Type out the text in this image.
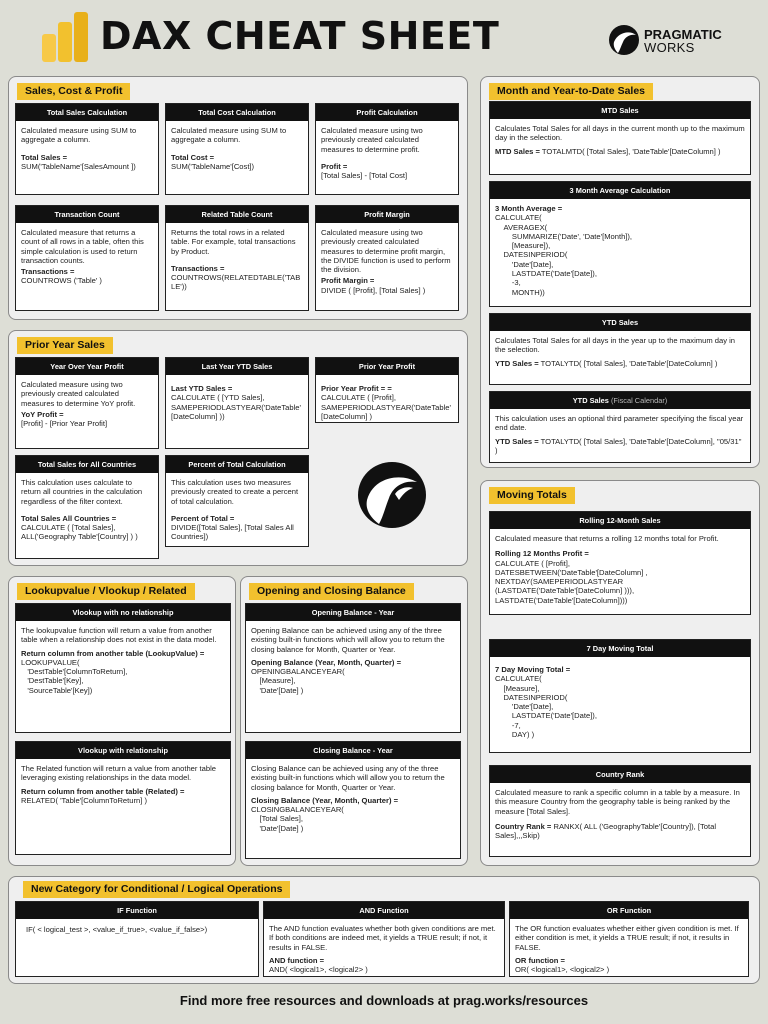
DAX CHEAT SHEET	PRAGMATIC
WORKS
Sales, Cost & Profit
Total Sales Calculation
Calculated measure using SUM to aggregate a column.
Total Sales =
SUM('TableName'[SalesAmount ])
Total Cost Calculation
Calculated measure using SUM to aggregate a column.
Total Cost =
SUM('TableName'[Cost])
Profit Calculation
Calculated measure using two previously created calculated measures to determine profit.
Profit =
[Total Sales] - [Total Cost]
Transaction Count
Calculated measure that returns a count of all rows in a table, often this simple calculation is used to return transaction counts.
Transactions =
COUNTROWS ('Table' )
Related Table Count
Returns the total rows in a related table. For example, total transactions by Product.
Transactions =
COUNTROWS(RELATEDTABLE('TABLE'))
Profit Margin
Calculated measure using two previously created calculated measures to determine profit margin, the DIVIDE function is used to perform the division.
Profit Margin =
DIVIDE ( [Profit], [Total Sales] )
Prior Year Sales
Year Over Year Profit
Calculated measure using two previously created calculated measures to determine YoY profit.
YoY Profit =
[Profit] - [Prior Year Profit]
Last Year YTD Sales
Last YTD Sales =
CALCULATE ( [YTD Sales], SAMEPERIODLASTYEAR('DateTable'[DateColumn] ))
Prior Year Profit
Prior Year Profit = =
CALCULATE ( [Profit], SAMEPERIODLASTYEAR('DateTable'[DateColumn] )
Total Sales for All Countries
This calculation uses calculate to return all countries in the calculation regardless of the filter context.
Total Sales All Countries =
CALCULATE ( [Total Sales], ALL('Geography Table'[Country] ) )
Percent of Total Calculation
This calculation uses two measures previously created to create a percent of total calculation.
Percent of Total =
DIVIDE([Total Sales], [Total Sales All Countries])
Month and Year-to-Date Sales
MTD Sales
Calculates Total Sales for all days in the current month up to the maximum day in the selection.
MTD Sales = TOTALMTD( [Total Sales], 'DateTable'[DateColumn] )
3 Month Average Calculation
3 Month Average =
CALCULATE(
AVERAGEX(
SUMMARIZE('Date', 'Date'[Month]),
[Measure]),
DATESINPERIOD(
'Date'[Date],
LASTDATE('Date'[Date]),
-3,
MONTH))
YTD Sales
Calculates Total Sales for all days in the year up to the maximum day in the selection.
YTD Sales = TOTALYTD( [Total Sales], 'DateTable'[DateColumn] )
YTD Sales (Fiscal Calendar)
This calculation uses an optional third parameter specifying the fiscal year end date.
YTD Sales = TOTALYTD( [Total Sales], 'DateTable'[DateColumn], "05/31" )
Moving Totals
Rolling 12-Month Sales
Calculated measure that returns a rolling 12 months total for Profit.
Rolling 12 Months Profit =
CALCULATE ( [Profit],
DATESBETWEEN('DateTable'[DateColumn] ,
NEXTDAY(SAMEPERIODLASTYEAR
(LASTDATE('DateTable'[DateColumn] ))),
LASTDATE('DateTable'[DateColumn])))
7 Day Moving Total
7 Day Moving Total =
CALCULATE(
[Measure],
DATESINPERIOD(
'Date'[Date],
LASTDATE('Date'[Date]),
-7,
DAY) )
Country Rank
Calculated measure to rank a specific column in a table by a measure. In this measure Country from the geography table is being ranked by the measure [Total Sales].
Country Rank = RANKX( ALL ('GeographyTable'[Country]), [Total Sales],,,Skip)
Lookupvalue / Vlookup / Related
Vlookup with no relationship
The lookupvalue function will return a value from another table when a relationship does not exist in the data model.
Return column from another table (LookupValue) =
LOOKUPVALUE(
'DestTable'[ColumnToReturn],
'DestTable'[Key],
'SourceTable'[Key])
Vlookup with relationship
The Related function will return a value from another table leveraging existing relationships in the data model.
Return column from another table (Related) =
RELATED( 'Table'[ColumnToReturn] )
Opening and Closing Balance
Opening Balance - Year
Opening Balance can be achieved using any of the three existing built-in functions which will allow you to return the closing balance for Month, Quarter or Year.
Opening Balance (Year, Month, Quarter) =
OPENINGBALANCEYEAR(
[Measure],
'Date'[Date] )
Closing Balance - Year
Closing Balance can be achieved using any of the three existing built-in functions which will allow you to return the closing balance for Month, Quarter or Year.
Closing Balance (Year, Month, Quarter) =
CLOSINGBALANCEYEAR(
[Total Sales],
'Date'[Date] )
New Category for Conditional / Logical Operations
IF Function
IF( < logical_test >, <value_if_true>, <value_if_false>)
AND Function
The AND function evaluates whether both given conditions are met. If both conditions are indeed met, it yields a TRUE result; if not, it results in FALSE.
AND function =
AND( <logical1>, <logical2> )
OR Function
The OR function evaluates whether either given condition is met. If either condition is met, it yields a TRUE result; if not, it results in FALSE.
OR function =
OR( <logical1>, <logical2> )
Find more free resources and downloads at prag.works/resources
